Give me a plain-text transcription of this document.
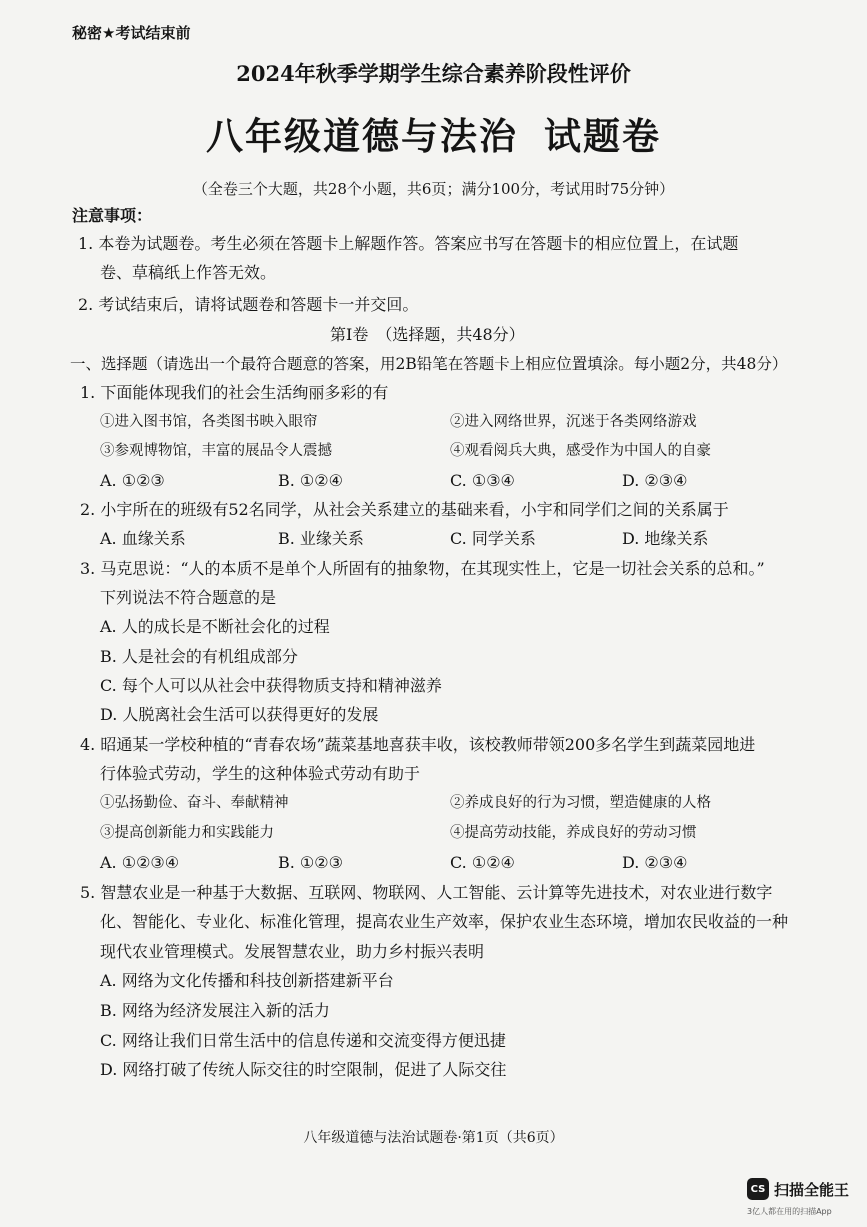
秘密★考试结束前
2024年秋季学期学生综合素养阶段性评价
八年级道德与法治 试题卷
（全卷三个大题，共28个小题，共6页；满分100分，考试用时75分钟）
注意事项：
1. 本卷为试题卷。考生必须在答题卡上解题作答。答案应书写在答题卡的相应位置上，在试题
卷、草稿纸上作答无效。
2. 考试结束后，请将试题卷和答题卡一并交回。
第Ⅰ卷　（选择题，共48分）
一、选择题（请选出一个最符合题意的答案，用2B铅笔在答题卡上相应位置填涂。每小题2分，共48分）
1. 下面能体现我们的社会生活绚丽多彩的有
①进入图书馆，各类图书映入眼帘	②进入网络世界，沉迷于各类网络游戏
③参观博物馆，丰富的展品令人震撼	④观看阅兵大典，感受作为中国人的自豪
A. ①②③	B. ①②④	C. ①③④	D. ②③④
2. 小宇所在的班级有52名同学，从社会关系建立的基础来看，小宇和同学们之间的关系属于
A. 血缘关系	B. 业缘关系	C. 同学关系	D. 地缘关系
3. 马克思说：“人的本质不是单个人所固有的抽象物，在其现实性上，它是一切社会关系的总和。”
下列说法不符合题意的是
A. 人的成长是不断社会化的过程
B. 人是社会的有机组成部分
C. 每个人可以从社会中获得物质支持和精神滋养
D. 人脱离社会生活可以获得更好的发展
4. 昭通某一学校种植的“青春农场”蔬菜基地喜获丰收，该校教师带领200多名学生到蔬菜园地进
行体验式劳动，学生的这种体验式劳动有助于
①弘扬勤俭、奋斗、奉献精神	②养成良好的行为习惯，塑造健康的人格
③提高创新能力和实践能力	④提高劳动技能，养成良好的劳动习惯
A. ①②③④	B. ①②③	C. ①②④	D. ②③④
5. 智慧农业是一种基于大数据、互联网、物联网、人工智能、云计算等先进技术，对农业进行数字
化、智能化、专业化、标准化管理，提高农业生产效率，保护农业生态环境，增加农民收益的一种
现代农业管理模式。发展智慧农业，助力乡村振兴表明
A. 网络为文化传播和科技创新搭建新平台
B. 网络为经济发展注入新的活力
C. 网络让我们日常生活中的信息传递和交流变得方便迅捷
D. 网络打破了传统人际交往的时空限制，促进了人际交往
八年级道德与法治试题卷·第1页（共6页）
CS 扫描全能王
3亿人都在用的扫描App
